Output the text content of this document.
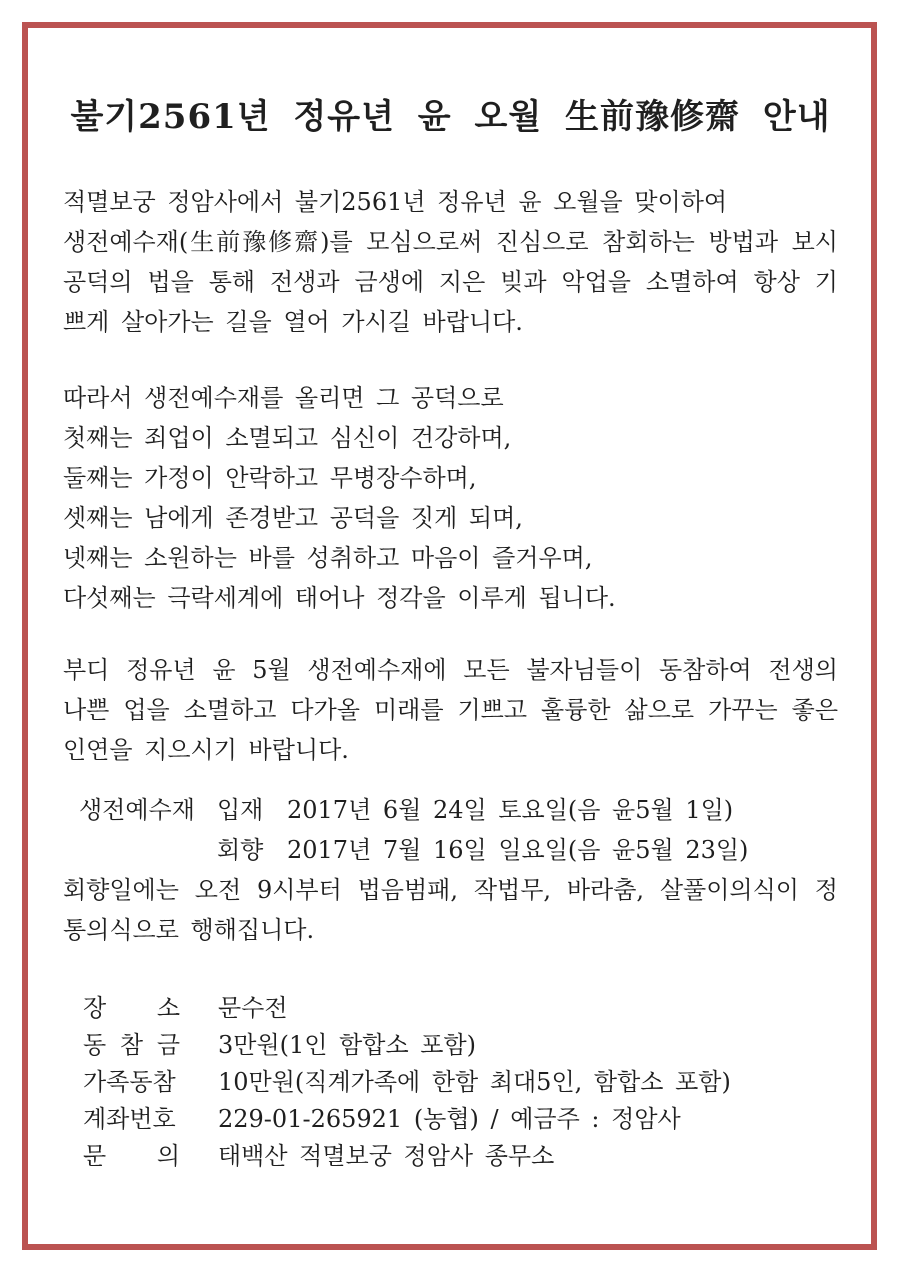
불기2561년 정유년 윤 오월 生前豫修齋 안내
적멸보궁 정암사에서 불기2561년 정유년 윤 오월을 맞이하여
생전예수재(生前豫修齋)를 모심으로써 진심으로 참회하는 방법과 보시
공덕의 법을 통해 전생과 금생에 지은 빚과 악업을 소멸하여 항상 기
쁘게 살아가는 길을 열어 가시길 바랍니다.
따라서 생전예수재를 올리면 그 공덕으로
첫째는 죄업이 소멸되고 심신이 건강하며,
둘째는 가정이 안락하고 무병장수하며,
셋째는 남에게 존경받고 공덕을 짓게 되며,
넷째는 소원하는 바를 성취하고 마음이 즐거우며,
다섯째는 극락세계에 태어나 정각을 이루게 됩니다.
부디 정유년 윤 5월 생전예수재에 모든 불자님들이 동참하여 전생의
나쁜 업을 소멸하고 다가올 미래를 기쁘고 훌륭한 삶으로 가꾸는 좋은
인연을 지으시기 바랍니다.
생전예수재 입재 2017년 6월 24일 토요일(음 윤5월 1일)
회향 2017년 7월 16일 일요일(음 윤5월 23일)
회향일에는 오전 9시부터 법음범패, 작법무, 바라춤, 살풀이의식이 정
통의식으로 행해집니다.
장 소 문수전
동 참 금 3만원(1인 함합소 포함)
가족동참 10만원(직계가족에 한함 최대5인, 함합소 포함)
계좌번호 229-01-265921 (농협) / 예금주 : 정암사
문 의 태백산 적멸보궁 정암사 종무소
